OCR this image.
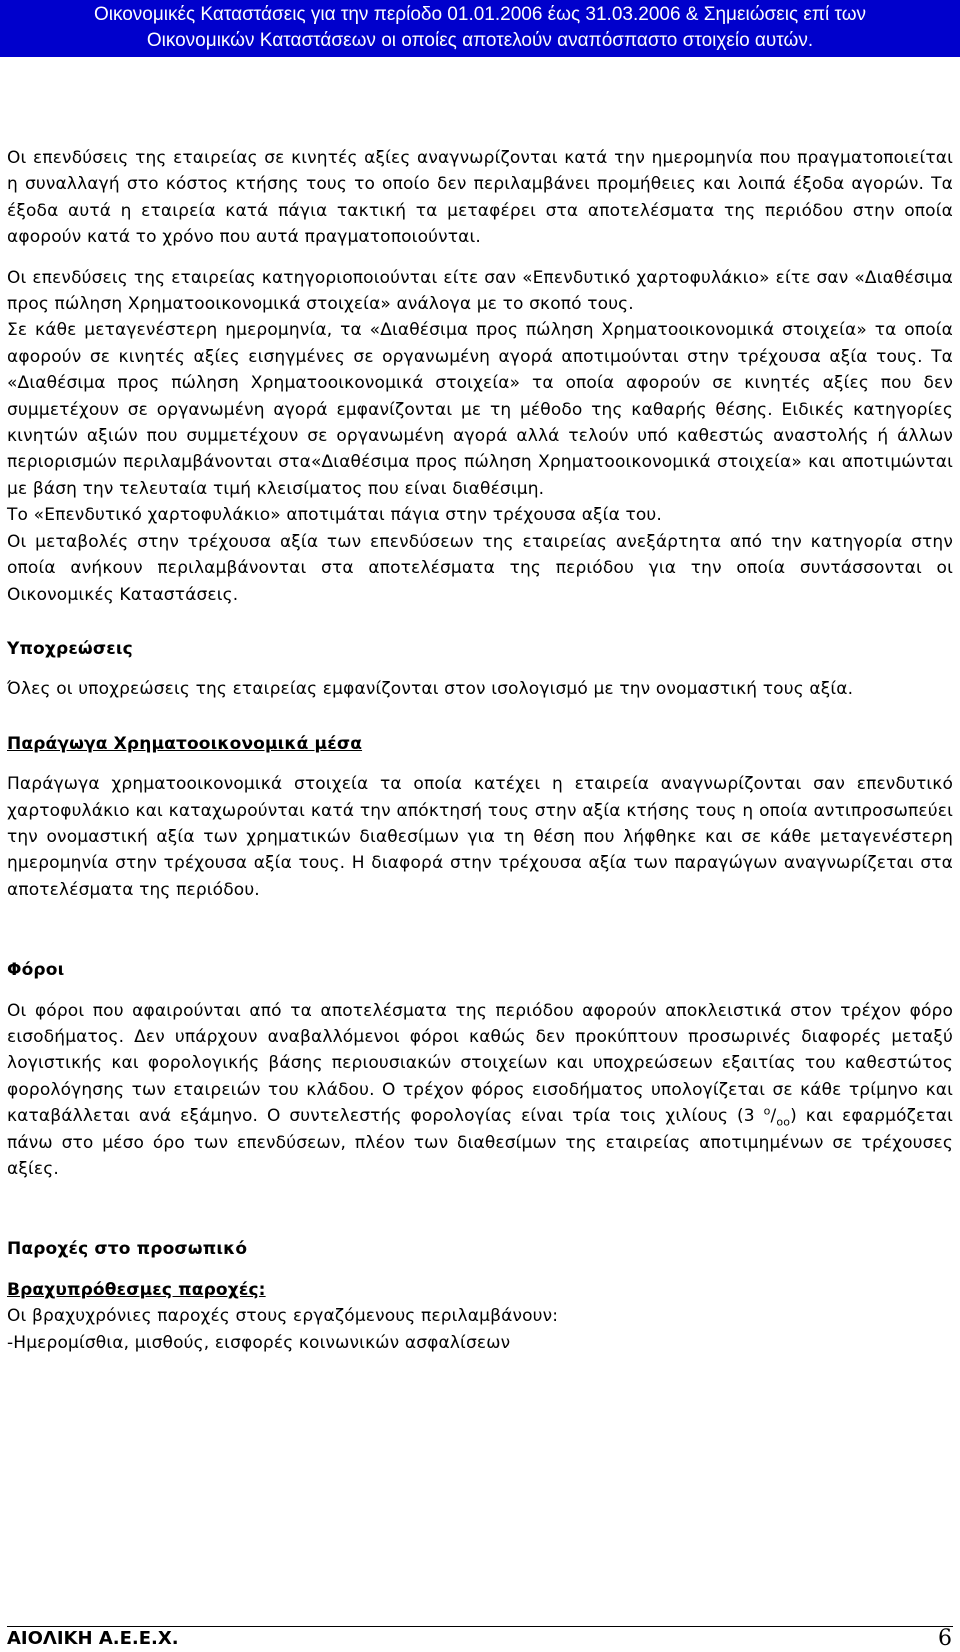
Οικονομικές Καταστάσεις για την περίοδο 01.01.2006 έως 31.03.2006 & Σημειώσεις επί των
Οικονομικών Καταστάσεων οι οποίες αποτελούν αναπόσπαστο στοιχείο αυτών.

Οι επενδύσεις της εταιρείας σε κινητές αξίες αναγνωρίζονται κατά την ημερομηνία που πραγματοποιείται η συναλλαγή στο κόστος κτήσης τους το οποίο δεν περιλαμβάνει προμήθειες και λοιπά έξοδα αγορών. Τα έξοδα αυτά η εταιρεία κατά πάγια τακτική τα μεταφέρει στα αποτελέσματα της περιόδου στην οποία αφορούν κατά το χρόνο που αυτά πραγματοποιούνται.

Οι επενδύσεις της εταιρείας κατηγοριοποιούνται είτε σαν «Επενδυτικό χαρτοφυλάκιο» είτε σαν «Διαθέσιμα προς πώληση Χρηματοοικονομικά στοιχεία» ανάλογα με το σκοπό τους.

Σε κάθε μεταγενέστερη ημερομηνία, τα «Διαθέσιμα προς πώληση Χρηματοοικονομικά στοιχεία» τα οποία αφορούν σε κινητές αξίες εισηγμένες σε οργανωμένη αγορά αποτιμούνται στην τρέχουσα αξία τους. Τα «Διαθέσιμα προς πώληση Χρηματοοικονομικά στοιχεία» τα οποία αφορούν σε κινητές αξίες που δεν συμμετέχουν σε οργανωμένη αγορά εμφανίζονται με τη μέθοδο της καθαρής θέσης. Ειδικές κατηγορίες κινητών αξιών που συμμετέχουν σε οργανωμένη αγορά αλλά τελούν υπό καθεστώς αναστολής ή άλλων περιορισμών περιλαμβάνονται στα«Διαθέσιμα προς πώληση Χρηματοοικονομικά στοιχεία» και αποτιμώνται με βάση την τελευταία τιμή κλεισίματος που είναι διαθέσιμη.

Το «Επενδυτικό χαρτοφυλάκιο» αποτιμάται πάγια στην τρέχουσα αξία του.

Οι μεταβολές στην τρέχουσα αξία των επενδύσεων της εταιρείας ανεξάρτητα από την κατηγορία στην οποία ανήκουν περιλαμβάνονται στα αποτελέσματα της περιόδου για την οποία συντάσσονται οι Οικονομικές Καταστάσεις.

Υποχρεώσεις

Όλες οι υποχρεώσεις της εταιρείας εμφανίζονται στον ισολογισμό με την ονομαστική τους αξία.

Παράγωγα Χρηματοοικονομικά μέσα

Παράγωγα χρηματοοικονομικά στοιχεία τα οποία κατέχει η εταιρεία αναγνωρίζονται σαν επενδυτικό χαρτοφυλάκιο και καταχωρούνται κατά την απόκτησή τους στην αξία κτήσης τους η οποία αντιπροσωπεύει την ονομαστική αξία των χρηματικών διαθεσίμων για τη θέση που λήφθηκε και σε κάθε μεταγενέστερη ημερομηνία στην τρέχουσα αξία τους. Η διαφορά στην τρέχουσα αξία των παραγώγων αναγνωρίζεται στα αποτελέσματα της περιόδου.

Φόροι

Οι φόροι που αφαιρούνται από τα αποτελέσματα της περιόδου αφορούν αποκλειστικά στον τρέχον φόρο εισοδήματος. Δεν υπάρχουν αναβαλλόμενοι φόροι καθώς δεν προκύπτουν προσωρινές διαφορές μεταξύ λογιστικής και φορολογικής βάσης περιουσιακών στοιχείων και υποχρεώσεων εξαιτίας του καθεστώτος φορολόγησης των εταιρειών του κλάδου. Ο τρέχον φόρος εισοδήματος υπολογίζεται σε κάθε τρίμηνο και καταβάλλεται ανά εξάμηνο. Ο συντελεστής φορολογίας είναι τρία τοις χιλίους (3 $^o/_{oo}$) και εφαρμόζεται πάνω στο μέσο όρο των επενδύσεων, πλέον των διαθεσίμων της εταιρείας αποτιμημένων σε τρέχουσες αξίες.

Παροχές στο προσωπικό

Βραχυπρόθεσμες παροχές:

Οι βραχυχρόνιες παροχές στους εργαζόμενους περιλαμβάνουν:

-Ημερομίσθια, μισθούς, εισφορές κοινωνικών ασφαλίσεων

ΑΙΟΛΙΚΗ Α.Ε.Ε.Χ.	6
